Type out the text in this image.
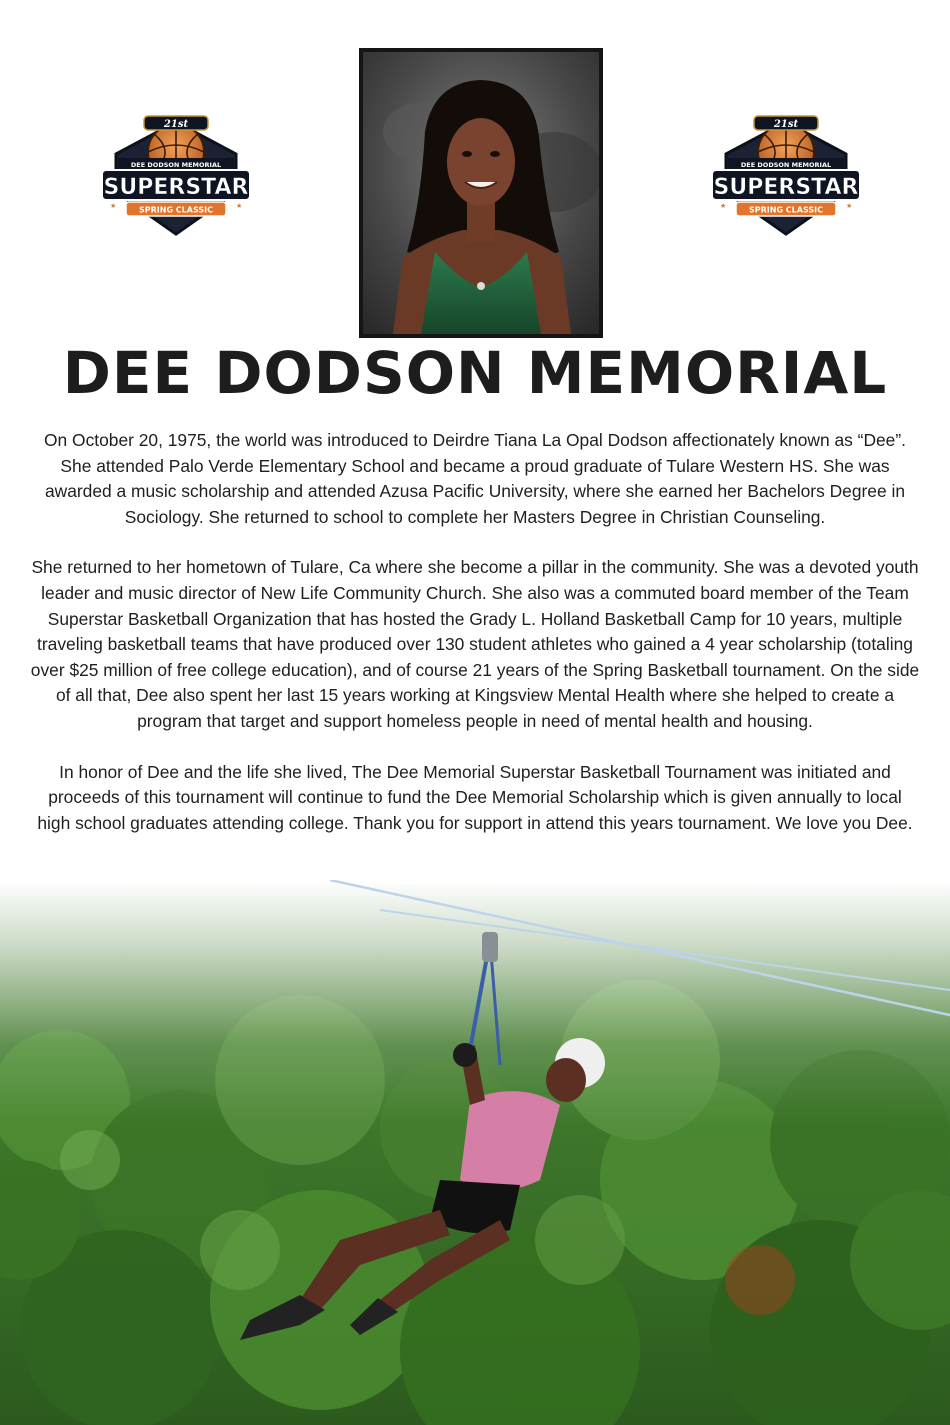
21st
DEE DODSON MEMORIAL
SUPERSTAR
SPRING CLASSIC
★	★
21st
DEE DODSON MEMORIAL
SUPERSTAR
SPRING CLASSIC
★	★
DEE DODSON MEMORIAL

On October 20, 1975, the world was introduced to Deirdre Tiana La Opal Dodson affectionately known as “Dee”. She attended Palo Verde Elementary School and became a proud graduate of Tulare Western HS. She was awarded a music scholarship and attended Azusa Pacific University, where she earned her Bachelors Degree in Sociology. She returned to school to complete her Masters Degree in Christian Counseling.

She returned to her hometown of Tulare, Ca where she become a pillar in the community. She was a devoted youth leader and music director of New Life Community Church. She also was a commuted board member of the Team Superstar Basketball Organization that has hosted the Grady L. Holland Basketball Camp for 10 years, multiple traveling basketball teams that have produced over 130 student athletes who gained a 4 year scholarship (totaling over $25 million of free college education), and of course 21 years of the Spring Basketball tournament. On the side of all that, Dee also spent her last 15 years working at Kingsview Mental Health where she helped to create a program that target and support homeless people in need of mental health and housing.

In honor of Dee and the life she lived, The Dee Memorial Superstar Basketball Tournament was initiated and proceeds of this tournament will continue to fund the Dee Memorial Scholarship which is given annually to local high school graduates attending college. Thank you for support in attend this years tournament. We love you Dee.
